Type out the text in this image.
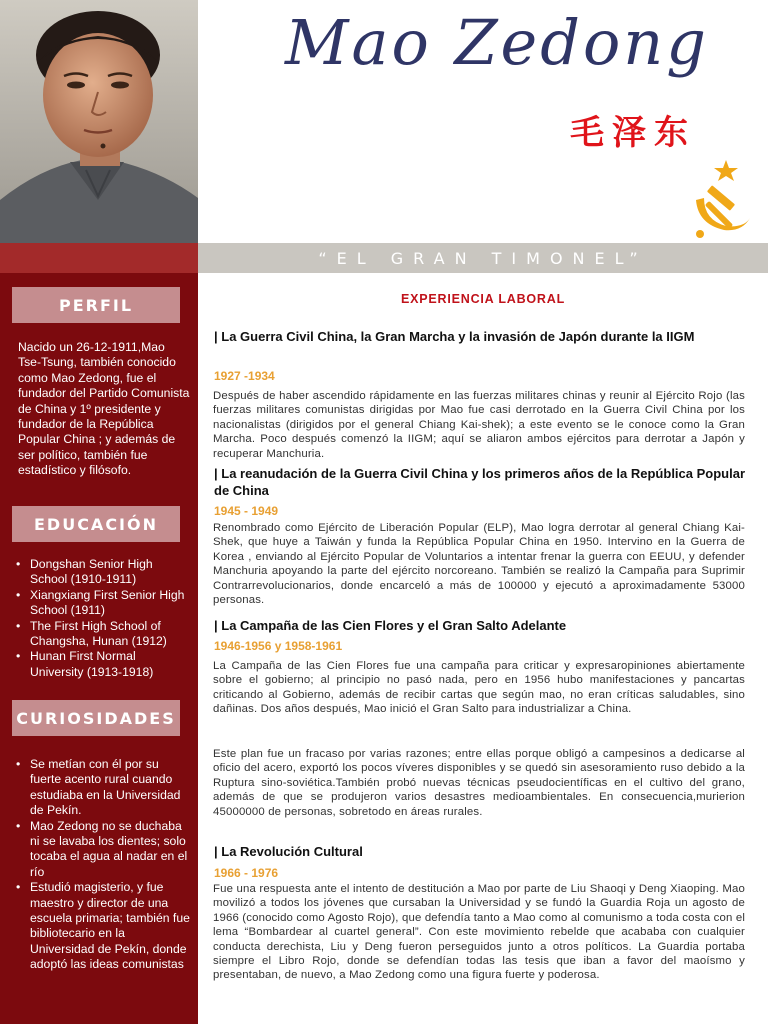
PERFIL
Nacido un 26-12-1911,Mao Tse-Tsung, también conocido como Mao Zedong, fue el fundador del Partido Comunista de China y 1º presidente y fundador de la República Popular China ; y además de ser político, también fue estadístico y filósofo.
EDUCACIÓN
• Dongshan Senior High School (1910-1911)
• Xiangxiang First Senior High School (1911)
• The First High School of Changsha, Hunan (1912)
• Hunan First Normal University (1913-1918)
CURIOSIDADES
• Se metían con él por su fuerte acento rural cuando estudiaba en la Universidad de Pekín.
• Mao Zedong no se duchaba ni se lavaba los dientes; solo tocaba el agua al nadar en el río
• Estudió magisterio, y fue maestro y director de una escuela primaria; también fue bibliotecario en la Universidad de Pekín, donde adoptó las ideas comunistas
Mao Zedong
毛泽东
“EL GRAN TIMONEL”
EXPERIENCIA LABORAL
| La Guerra Civil China, la Gran Marcha y la invasión de Japón durante la IIGM
1927 -1934
Después de haber ascendido rápidamente en las fuerzas militares chinas y reunir al Ejército Rojo (las fuerzas militares comunistas dirigidas por Mao fue casi derrotado en la Guerra Civil China por los nacionalistas (dirigidos por el general Chiang Kai-shek); a este evento se le conoce como la Gran Marcha. Poco después comenzó la IIGM; aquí se aliaron ambos ejércitos para derrotar a Japón y recuperar Manchuria.
| La reanudación de la Guerra Civil China y los primeros años de la República Popular de China
1945 - 1949
Renombrado como Ejército de Liberación Popular (ELP), Mao logra derrotar al general Chiang Kai-Shek, que huye a Taiwán y funda la República Popular China en 1950. Intervino en la Guerra de Korea , enviando al Ejército Popular de Voluntarios a intentar frenar la guerra con EEUU, y defender Manchuria apoyando la parte del ejército norcoreano. También se realizó la Campaña para Suprimir Contrarrevolucionarios, donde encarceló a más de 100000 y ejecutó a aproximadamente 53000 personas.
| La Campaña de las Cien Flores y el Gran Salto Adelante
1946-1956 y 1958-1961
La Campaña de las Cien Flores fue una campaña para criticar y expresaropiniones abiertamente sobre el gobierno; al principio no pasó nada, pero en 1956 hubo manifestaciones y pancartas criticando al Gobierno, además de recibir cartas que según mao, no eran críticas saludables, sino dañinas. Dos años después, Mao inició el Gran Salto para industrializar a China.
Este plan fue un fracaso por varias razones; entre ellas porque obligó a campesinos a dedicarse al oficio del acero, exportó los pocos víveres disponibles y se quedó sin asesoramiento ruso debido a la Ruptura sino-soviética.También probó nuevas técnicas pseudocientíficas en el cultivo del grano, además de que se produjeron varios desastres medioambientales. En consecuencia,murierion 45000000 de personas, sobretodo en áreas rurales.
| La Revolución Cultural
1966 - 1976
Fue una respuesta ante el intento de destitución a Mao por parte de Liu Shaoqi y Deng Xiaoping. Mao movilizó a todos los jóvenes que cursaban la Universidad y se fundó la Guardia Roja un agosto de 1966 (conocido como Agosto Rojo), que defendía tanto a Mao como al comunismo a toda costa con el lema “Bombardear al cuartel general”. Con este movimiento rebelde que acababa con cualquier conducta derechista, Liu y Deng fueron perseguidos junto a otros políticos. La Guardia portaba siempre el Libro Rojo, donde se defendían todas las tesis que iban a favor del maoísmo y presentaban, de nuevo, a Mao Zedong como una figura fuerte y poderosa.
